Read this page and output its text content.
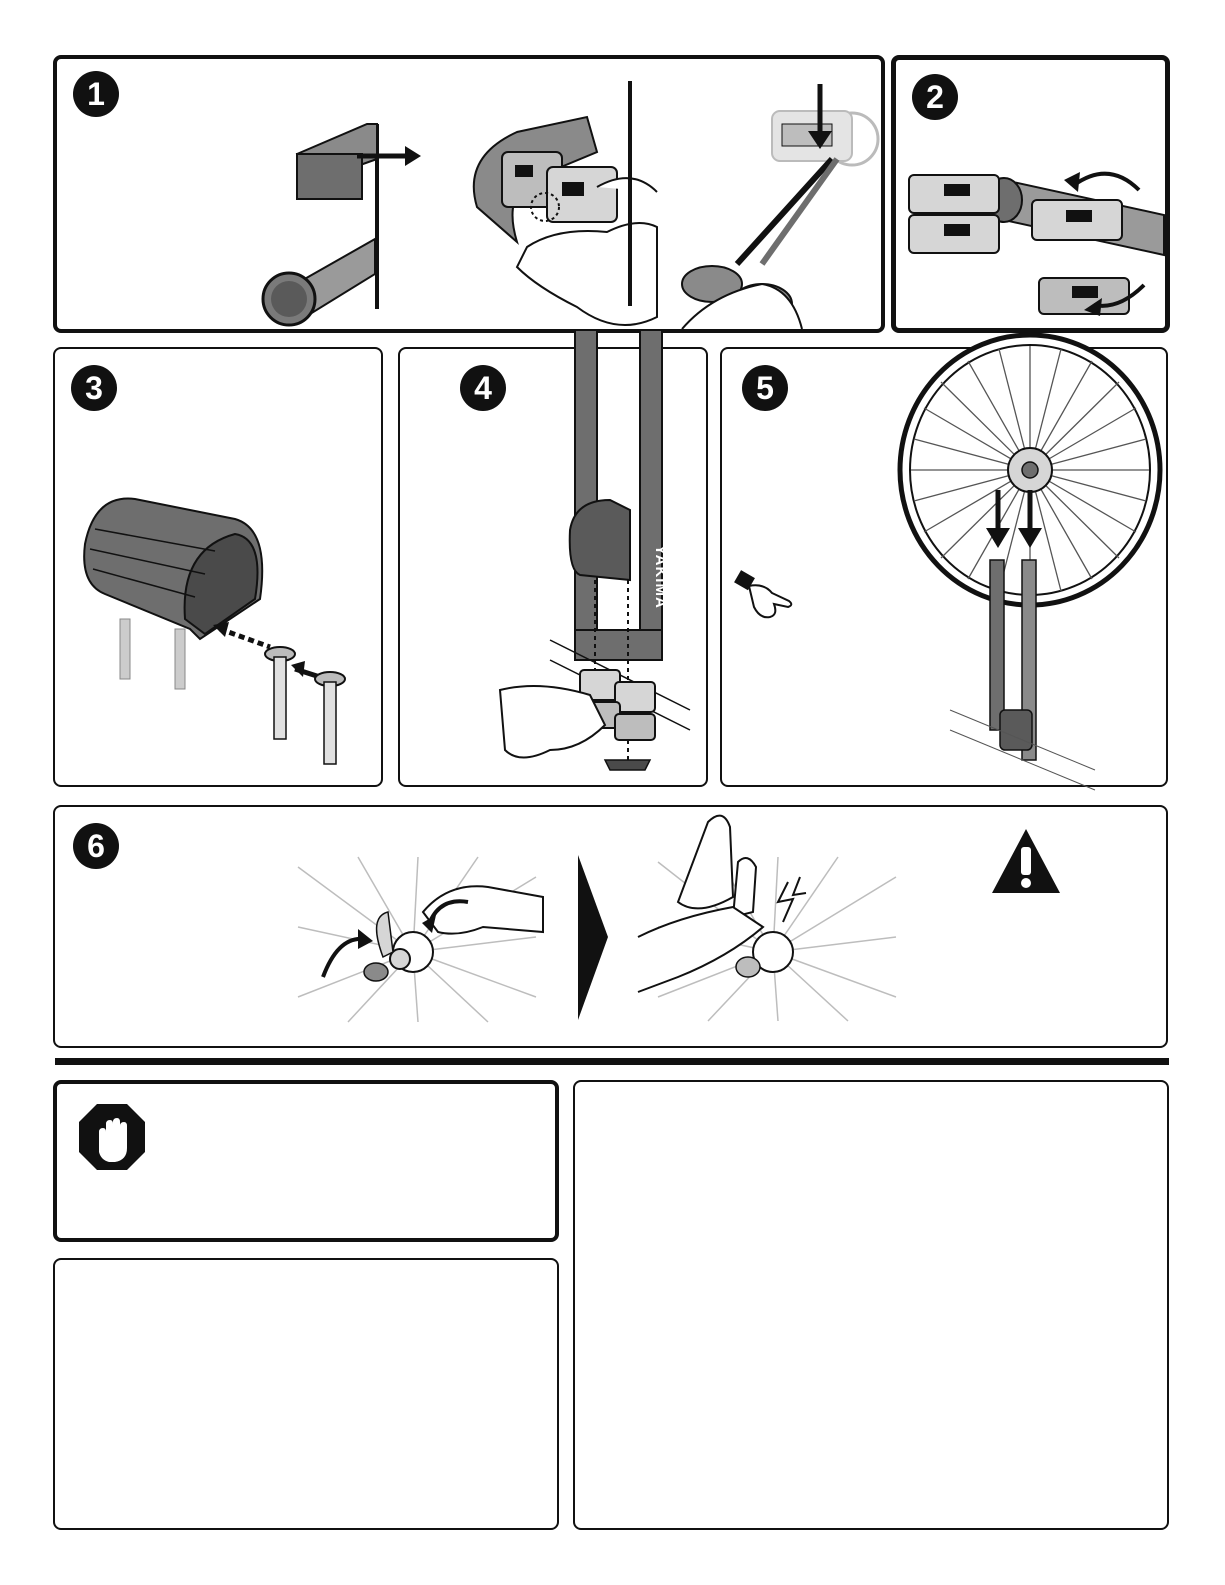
1	2
3	4
YAKIMA
5
6
